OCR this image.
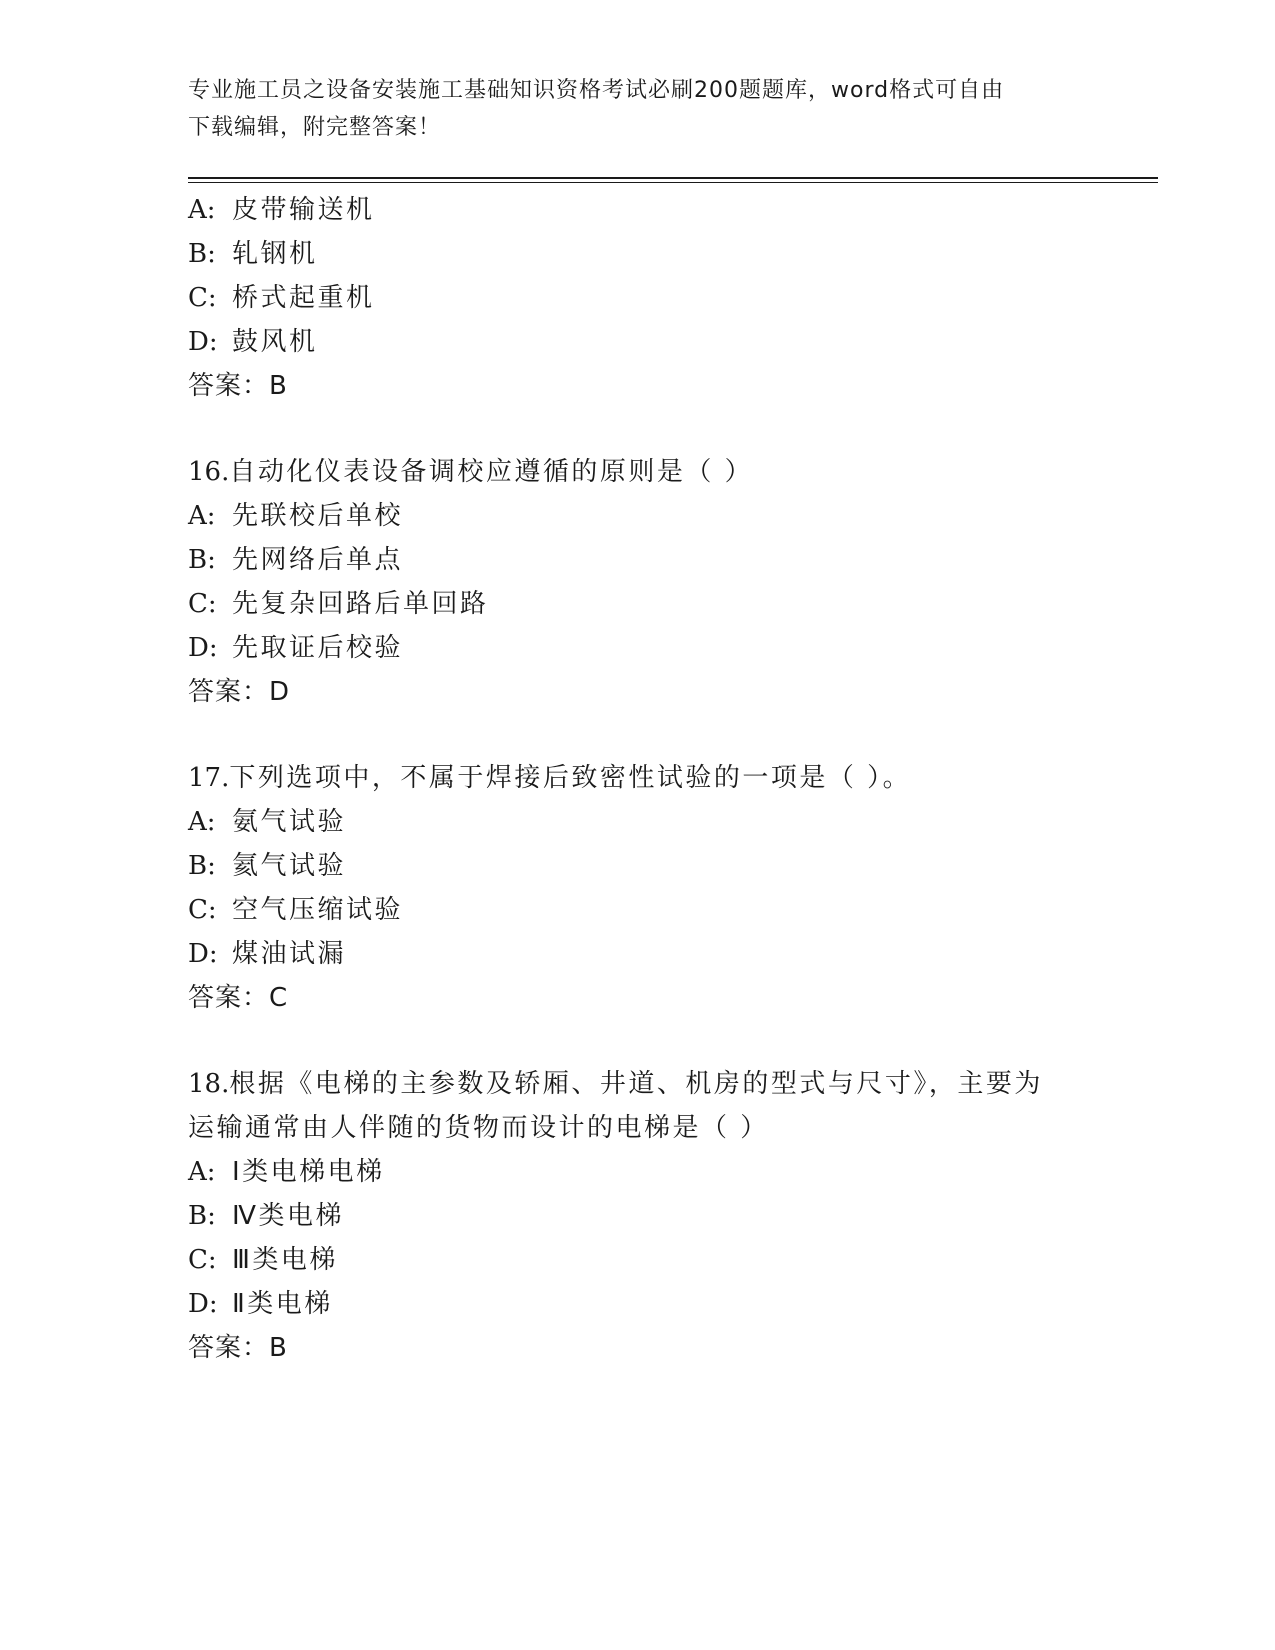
专业施工员之设备安装施工基础知识资格考试必刷200题题库，word格式可自由
下载编辑，附完整答案！
A: 皮带输送机
B: 轧钢机
C: 桥式起重机
D: 鼓风机
答案：B
16.自动化仪表设备调校应遵循的原则是（ ）
A: 先联校后单校
B: 先网络后单点
C: 先复杂回路后单回路
D: 先取证后校验
答案：D
17.下列选项中，不属于焊接后致密性试验的一项是（ ）。
A: 氨气试验
B: 氦气试验
C: 空气压缩试验
D: 煤油试漏
答案：C
18.根据《电梯的主参数及轿厢、井道、机房的型式与尺寸》，主要为
运输通常由人伴随的货物而设计的电梯是（ ）
A: Ⅰ类电梯电梯
B: Ⅳ类电梯
C: Ⅲ类电梯
D: Ⅱ类电梯
答案：B
